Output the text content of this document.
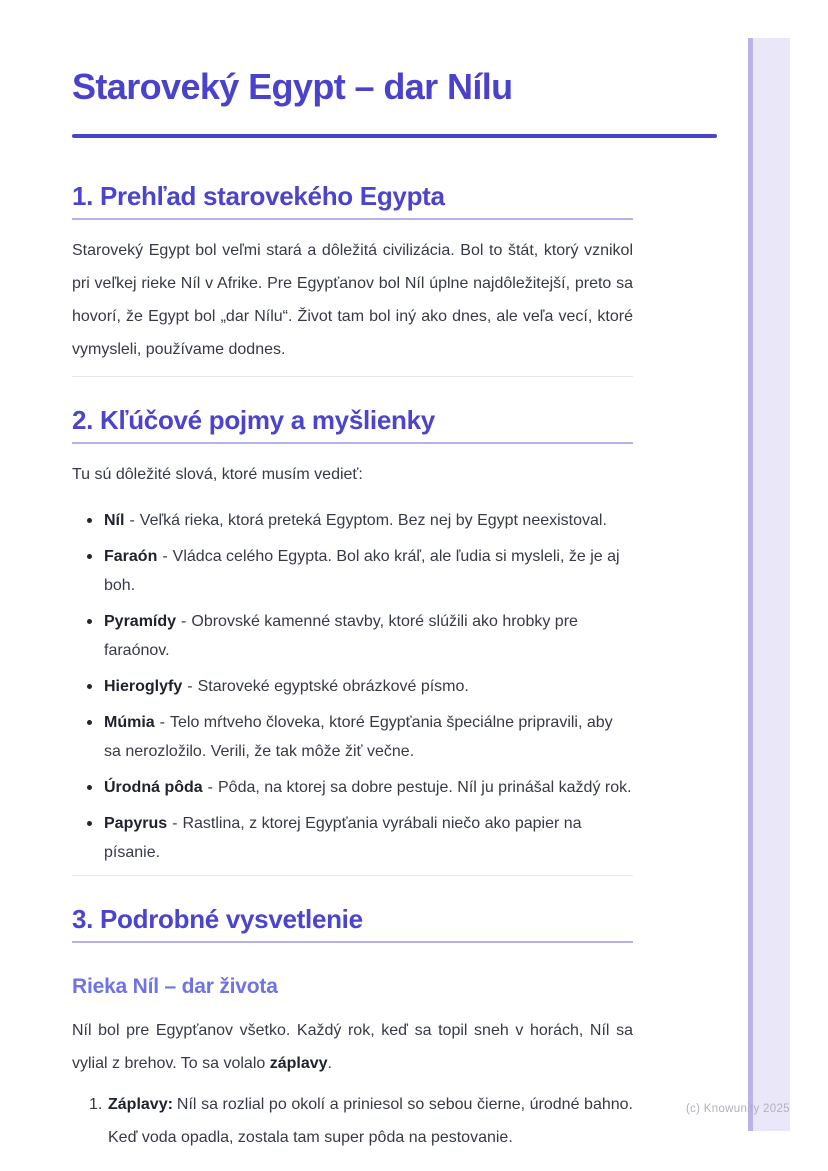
(c) Knowunity 2025
Staroveký Egypt – dar Nílu
1. Prehľad starovekého Egypta

Staroveký Egypt bol veľmi stará a dôležitá civilizácia. Bol to štát, ktorý vznikol pri veľkej rieke Níl v Afrike. Pre Egypťanov bol Níl úplne najdôležitejší, preto sa hovorí, že Egypt bol „dar Nílu“. Život tam bol iný ako dnes, ale veľa vecí, ktoré vymysleli, používame dodnes.

2. Kľúčové pojmy a myšlienky

Tu sú dôležité slová, ktoré musím vedieť:

Níl - Veľká rieka, ktorá preteká Egyptom. Bez nej by Egypt neexistoval.
Faraón - Vládca celého Egypta. Bol ako kráľ, ale ľudia si mysleli, že je aj boh.
Pyramídy - Obrovské kamenné stavby, ktoré slúžili ako hrobky pre faraónov.
Hieroglyfy - Staroveké egyptské obrázkové písmo.
Múmia - Telo mŕtveho človeka, ktoré Egypťania špeciálne pripravili, aby sa nerozložilo. Verili, že tak môže žiť večne.
Úrodná pôda - Pôda, na ktorej sa dobre pestuje. Níl ju prinášal každý rok.
Papyrus - Rastlina, z ktorej Egypťania vyrábali niečo ako papier na písanie.
3. Podrobné vysvetlenie
Rieka Níl – dar života

Níl bol pre Egypťanov všetko. Každý rok, keď sa topil sneh v horách, Níl sa vylial z brehov. To sa volalo záplavy.

1. Záplavy: Níl sa rozlial po okolí a priniesol so sebou čierne, úrodné bahno. Keď voda opadla, zostala tam super pôda na pestovanie.
